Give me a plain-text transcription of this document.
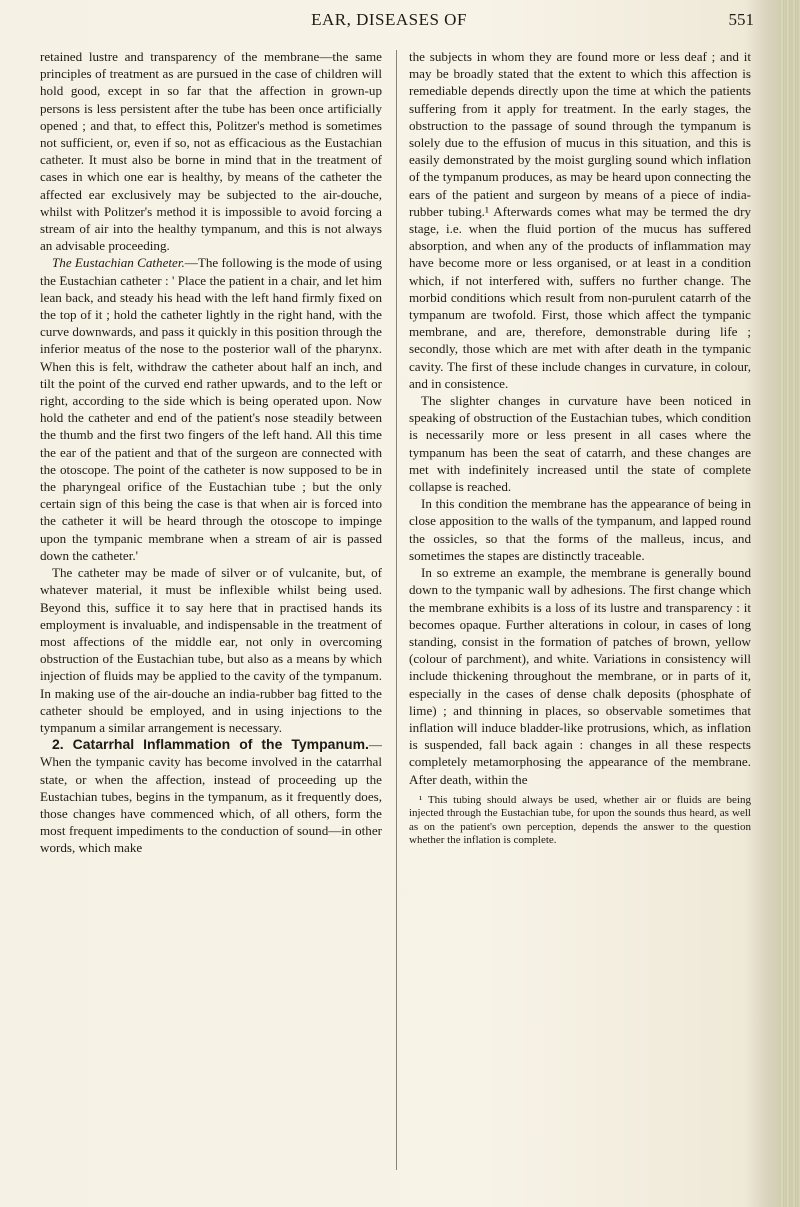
EAR, DISEASES OF	551

retained lustre and transparency of the membrane—the same principles of treatment as are pursued in the case of children will hold good, except in so far that the affection in grown-up persons is less persistent after the tube has been once artificially opened ; and that, to effect this, Politzer's method is sometimes not sufficient, or, even if so, not as efficacious as the Eustachian catheter. It must also be borne in mind that in the treatment of cases in which one ear is healthy, by means of the catheter the affected ear exclusively may be subjected to the air-douche, whilst with Politzer's method it is impossible to avoid forcing a stream of air into the healthy tympanum, and this is not always an advisable proceeding.

The Eustachian Catheter.—The following is the mode of using the Eustachian catheter : ' Place the patient in a chair, and let him lean back, and steady his head with the left hand firmly fixed on the top of it ; hold the catheter lightly in the right hand, with the curve downwards, and pass it quickly in this position through the inferior meatus of the nose to the posterior wall of the pharynx. When this is felt, withdraw the catheter about half an inch, and tilt the point of the curved end rather upwards, and to the left or right, according to the side which is being operated upon. Now hold the catheter and end of the patient's nose steadily between the thumb and the first two fingers of the left hand. All this time the ear of the patient and that of the surgeon are connected with the otoscope. The point of the catheter is now supposed to be in the pharyngeal orifice of the Eustachian tube ; but the only certain sign of this being the case is that when air is forced into the catheter it will be heard through the otoscope to impinge upon the tympanic membrane when a stream of air is passed down the catheter.'

The catheter may be made of silver or of vulcanite, but, of whatever material, it must be inflexible whilst being used. Beyond this, suffice it to say here that in practised hands its employment is invaluable, and indispensable in the treatment of most affections of the middle ear, not only in overcoming obstruction of the Eustachian tube, but also as a means by which injection of fluids may be applied to the cavity of the tympanum. In making use of the air-douche an india-rubber bag fitted to the catheter should be employed, and in using injections to the tympanum a similar arrangement is necessary.

2. Catarrhal Inflammation of the Tympanum.—When the tympanic cavity has become involved in the catarrhal state, or when the affection, instead of proceeding up the Eustachian tubes, begins in the tympanum, as it frequently does, those changes have commenced which, of all others, form the most frequent impediments to the conduction of sound—in other words, which make

the subjects in whom they are found more or less deaf ; and it may be broadly stated that the extent to which this affection is remediable depends directly upon the time at which the patients suffering from it apply for treatment. In the early stages, the obstruction to the passage of sound through the tympanum is solely due to the effusion of mucus in this situation, and this is easily demonstrated by the moist gurgling sound which inflation of the tympanum produces, as may be heard upon connecting the ears of the patient and surgeon by means of a piece of india-rubber tubing.¹ Afterwards comes what may be termed the dry stage, i.e. when the fluid portion of the mucus has suffered absorption, and when any of the products of inflammation may have become more or less organised, or at least in a condition which, if not interfered with, suffers no further change. The morbid conditions which result from non-purulent catarrh of the tympanum are twofold. First, those which affect the tympanic membrane, and are, therefore, demonstrable during life ; secondly, those which are met with after death in the tympanic cavity. The first of these include changes in curvature, in colour, and in consistence.

The slighter changes in curvature have been noticed in speaking of obstruction of the Eustachian tubes, which condition is necessarily more or less present in all cases where the tympanum has been the seat of catarrh, and these changes are met with indefinitely increased until the state of complete collapse is reached.

In this condition the membrane has the appearance of being in close apposition to the walls of the tympanum, and lapped round the ossicles, so that the forms of the malleus, incus, and sometimes the stapes are distinctly traceable.

In so extreme an example, the membrane is generally bound down to the tympanic wall by adhesions. The first change which the membrane exhibits is a loss of its lustre and transparency : it becomes opaque. Further alterations in colour, in cases of long standing, consist in the formation of patches of brown, yellow (colour of parchment), and white. Variations in consistency will include thickening throughout the membrane, or in parts of it, especially in the cases of dense chalk deposits (phosphate of lime) ; and thinning in places, so observable sometimes that inflation will induce bladder-like protrusions, which, as inflation is suspended, fall back again : changes in all these respects completely metamorphosing the appearance of the membrane. After death, within the

¹ This tubing should always be used, whether air or fluids are being injected through the Eustachian tube, for upon the sounds thus heard, as well as on the patient's own perception, depends the answer to the question whether the inflation is complete.
